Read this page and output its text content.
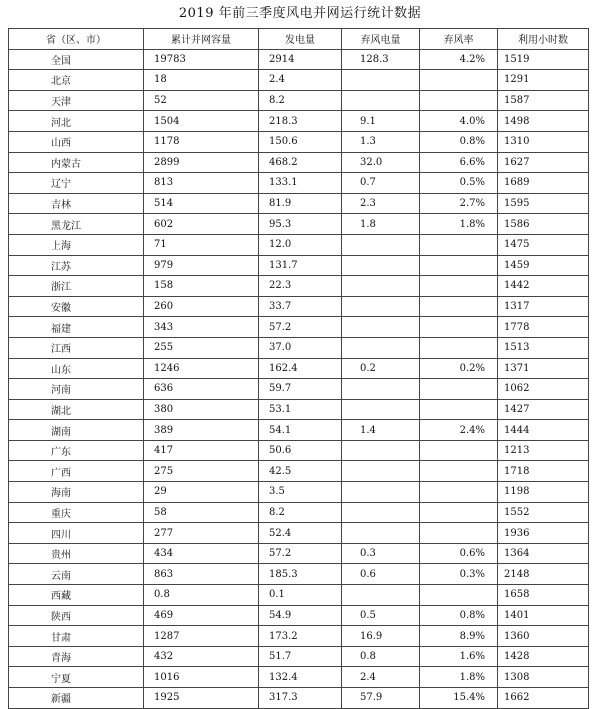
2019 年前三季度风电并网运行统计数据
省（区、市）	累计并网容量	发电量	弃风电量	弃风率	利用小时数
全国	19783	2914	128.3	4.2%	1519
北京	18	2.4			1291
天津	52	8.2			1587
河北	1504	218.3	9.1	4.0%	1498
山西	1178	150.6	1.3	0.8%	1310
内蒙古	2899	468.2	32.0	6.6%	1627
辽宁	813	133.1	0.7	0.5%	1689
吉林	514	81.9	2.3	2.7%	1595
黑龙江	602	95.3	1.8	1.8%	1586
上海	71	12.0			1475
江苏	979	131.7			1459
浙江	158	22.3			1442
安徽	260	33.7			1317
福建	343	57.2			1778
江西	255	37.0			1513
山东	1246	162.4	0.2	0.2%	1371
河南	636	59.7			1062
湖北	380	53.1			1427
湖南	389	54.1	1.4	2.4%	1444
广东	417	50.6			1213
广西	275	42.5			1718
海南	29	3.5			1198
重庆	58	8.2			1552
四川	277	52.4			1936
贵州	434	57.2	0.3	0.6%	1364
云南	863	185.3	0.6	0.3%	2148
西藏	0.8	0.1			1658
陕西	469	54.9	0.5	0.8%	1401
甘肃	1287	173.2	16.9	8.9%	1360
青海	432	51.7	0.8	1.6%	1428
宁夏	1016	132.4	2.4	1.8%	1308
新疆	1925	317.3	57.9	15.4%	1662
